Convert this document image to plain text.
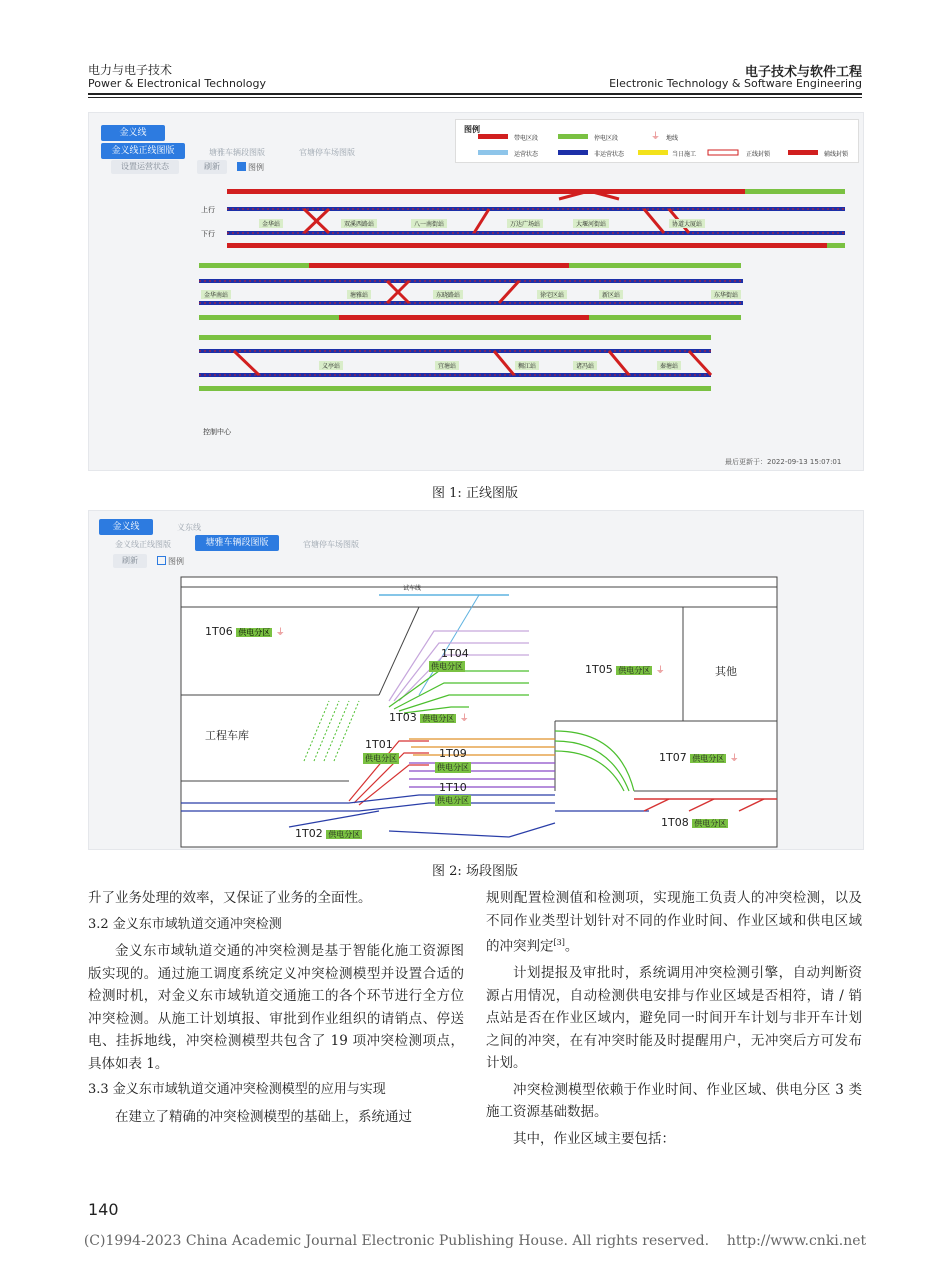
电力与电子技术
Power & Electronical Technology
电子技术与软件工程
Electronic Technology & Software Engineering
金义线
金义线正线图版	塘雅车辆段图版	官塘停车场图版
设置运营状态	刷新	图例
图例
⏚
带电区段	停电区段	地线
运营状态	非运营状态	当日施工	正线封锁	辅线封锁
上行
下行
金华站	双溪西路站	八一南街站	万达广场站	大堰河街站	协道大厦站
金华南站	塘雅站	东晓路站	徐宅区站	新区站	东华街站
义亭站	宜塘站	稠江站	诸冯站	秦塘站
控制中心
最后更新于：2022-09-13 15:07:01
图 1: 正线图版
金义线	义东线
金义线正线图版	塘雅车辆段图版	官塘停车场图版
刷新	图例
试车线
1T06 供电分区 ⏚
1T04
供电分区	1T05 供电分区 ⏚	其他
工程车库
1T03 供电分区 ⏚
1T01
供电分区	1T09
供电分区
1T07 供电分区 ⏚
1T10
供电分区
1T08 供电分区
1T02 供电分区
图 2: 场段图版

升了业务处理的效率，又保证了业务的全面性。

3.2 金义东市域轨道交通冲突检测

金义东市域轨道交通的冲突检测是基于智能化施工资源图版实现的。通过施工调度系统定义冲突检测模型并设置合适的检测时机，对金义东市域轨道交通施工的各个环节进行全方位冲突检测。从施工计划填报、审批到作业组织的请销点、停送电、挂拆地线，冲突检测模型共包含了 19 项冲突检测项点，具体如表 1。

3.3 金义东市域轨道交通冲突检测模型的应用与实现

在建立了精确的冲突检测模型的基础上，系统通过

规则配置检测值和检测项，实现施工负责人的冲突检测，以及不同作业类型计划针对不同的作业时间、作业区域和供电区域的冲突判定[3]。

计划提报及审批时，系统调用冲突检测引擎，自动判断资源占用情况，自动检测供电安排与作业区域是否相符，请 / 销点站是否在作业区域内，避免同一时间开车计划与非开车计划之间的冲突，在有冲突时能及时提醒用户，无冲突后方可发布计划。

冲突检测模型依赖于作业时间、作业区域、供电分区 3 类施工资源基础数据。

其中，作业区域主要包括：

140
(C)1994-2023 China Academic Journal Electronic Publishing House. All rights reserved.    http://www.cnki.net
